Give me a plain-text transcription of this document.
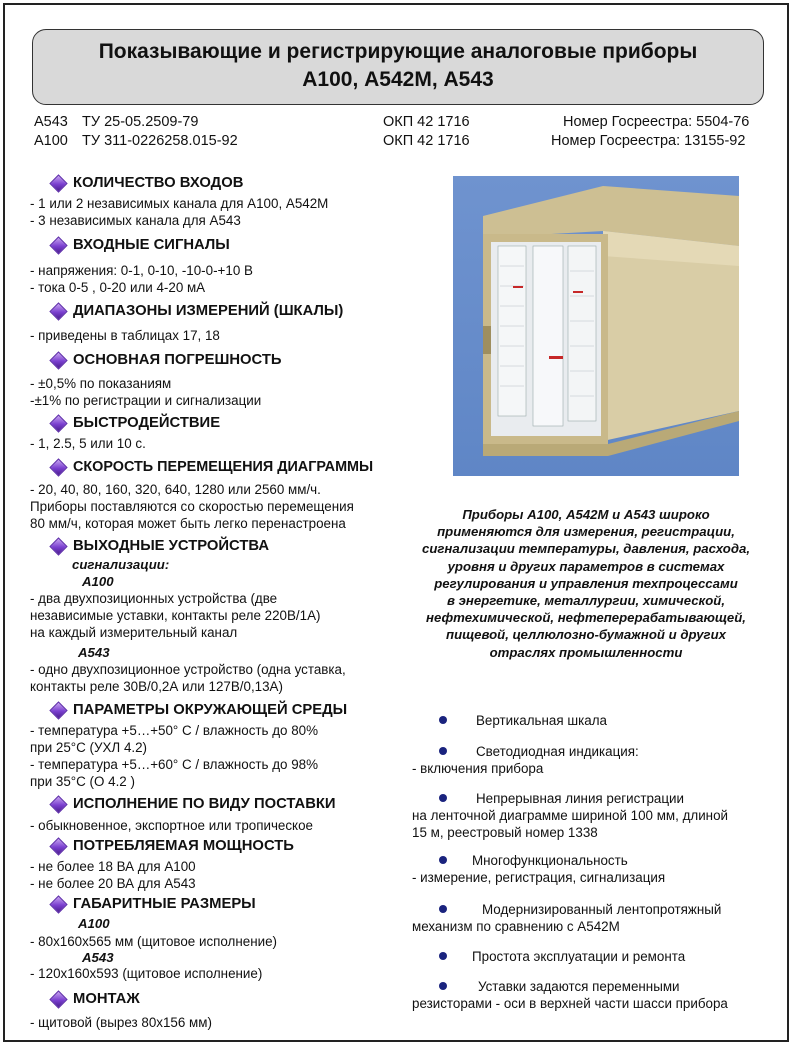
Показывающие и регистрирующие аналоговые приборы
А100, А542М, А543
А543 ТУ 25-05.2509-79	ОКП 42 1716	Номер Госреестра: 5504-76
А100 ТУ 311-0226258.015-92	ОКП 42 1716	Номер Госреестра: 13155-92
КОЛИЧЕСТВО ВХОДОВ
- 1 или 2 независимых канала для А100, А542М
- 3 независимых канала для А543
ВХОДНЫЕ СИГНАЛЫ
- напряжения: 0-1, 0-10, -10-0-+10 В
- тока 0-5 , 0-20 или 4-20 мА
ДИАПАЗОНЫ ИЗМЕРЕНИЙ (ШКАЛЫ)
- приведены в таблицах 17, 18
ОСНОВНАЯ ПОГРЕШНОСТЬ
- ±0,5% по показаниям
-±1% по регистрации и сигнализации
БЫСТРОДЕЙСТВИЕ
- 1, 2.5, 5 или 10 с.
СКОРОСТЬ ПЕРЕМЕЩЕНИЯ ДИАГРАММЫ
- 20, 40, 80, 160, 320, 640, 1280 или 2560 мм/ч.
Приборы поставляются со скоростью перемещения
80 мм/ч, которая может быть легко перенастроена
ВЫХОДНЫЕ УСТРОЙСТВА
сигнализации:
А100
- два двухпозиционных устройства (две
независимые уставки, контакты реле 220В/1А)
на каждый измерительный канал
А543
- одно двухпозиционное устройство (одна уставка,
контакты реле 30В/0,2А или 127В/0,13А)
ПАРАМЕТРЫ ОКРУЖАЮЩЕЙ СРЕДЫ
- температура +5…+50° С / влажность до 80%
при 25°С (УХЛ 4.2)
- температура +5…+60° С / влажность до 98%
при 35°С (О 4.2 )
ИСПОЛНЕНИЕ ПО ВИДУ ПОСТАВКИ
- обыкновенное, экспортное или тропическое
ПОТРЕБЛЯЕМАЯ МОЩНОСТЬ
- не более 18 ВА для А100
- не более 20 ВА для А543
ГАБАРИТНЫЕ РАЗМЕРЫ
А100
- 80х160х565 мм (щитовое исполнение)
А543
- 120х160х593 (щитовое исполнение)
МОНТАЖ
- щитовой (вырез 80х156 мм)
Приборы А100, А542М и А543 широко
применяются для измерения, регистрации,
сигнализации температуры, давления, расхода,
уровня и других параметров в системах
регулирования и управления техпроцессами
в энергетике, металлургии, химической,
нефтехимической, нефтеперерабатывающей,
пищевой, целлюлозно-бумажной и других
отраслях промышленности
Вертикальная шкала
Светодиодная индикация:
- включения прибора
Непрерывная линия регистрации
на ленточной диаграмме шириной 100 мм, длиной
15 м, реестровый номер 1338
Многофункциональность
- измерение, регистрация, сигнализация
Модернизированный лентопротяжный
механизм по сравнению с А542М
Простота эксплуатации и ремонта
Уставки задаются переменными
резисторами - оси в верхней части шасси прибора
